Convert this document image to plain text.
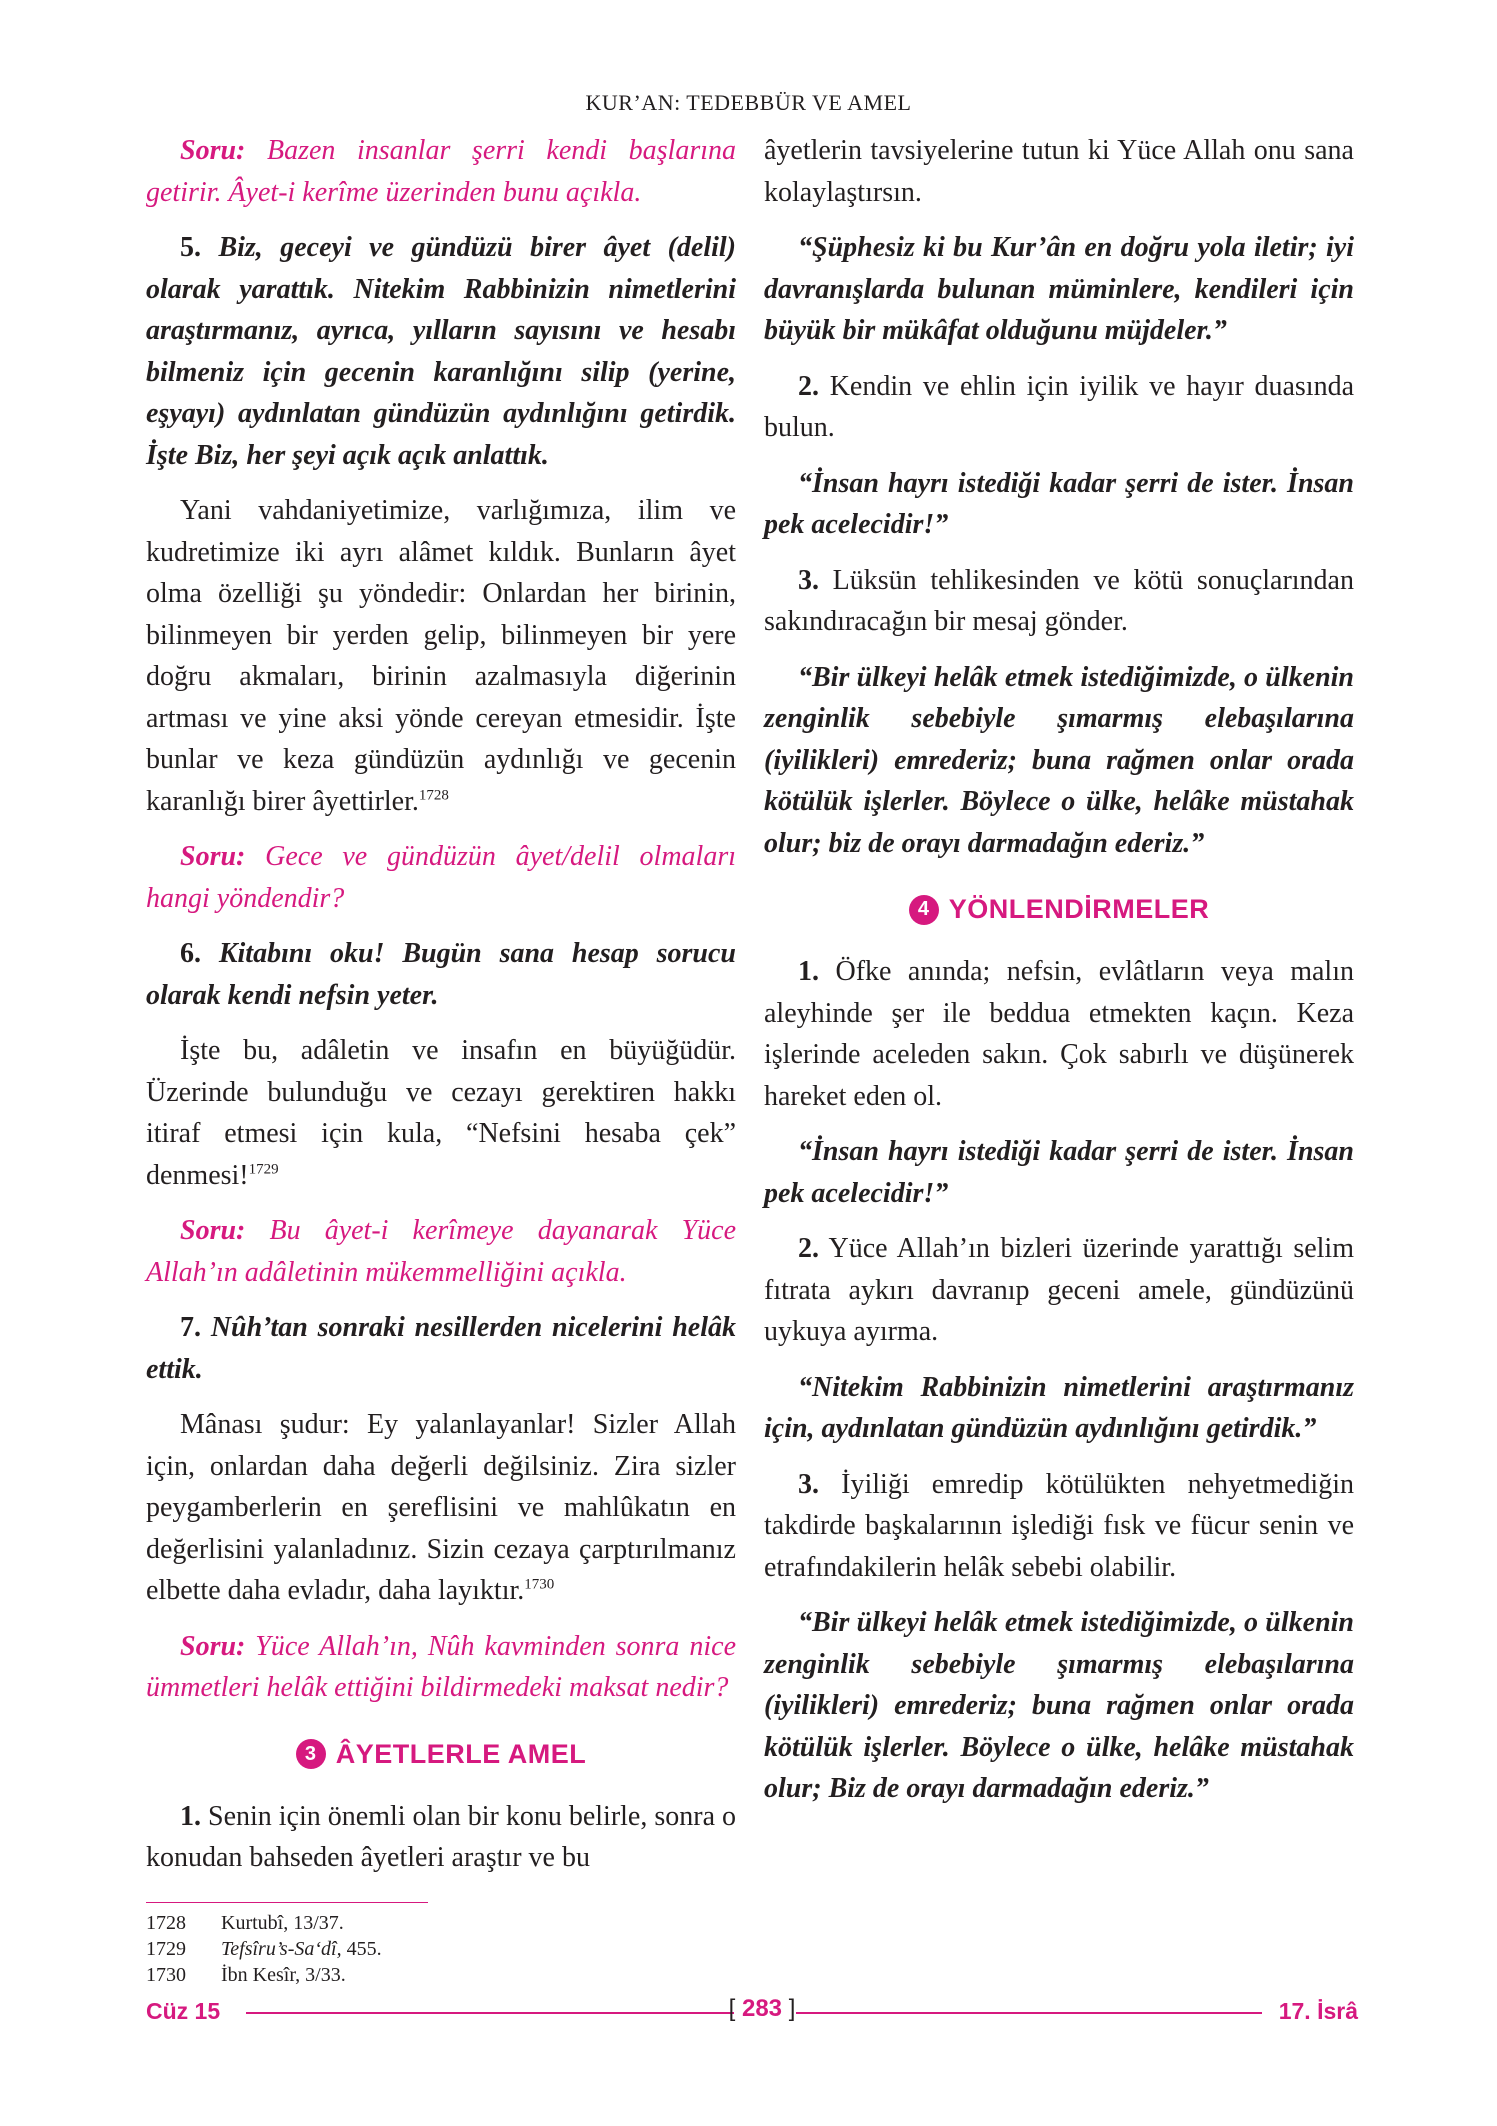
KUR’AN: TEDEBBÜR VE AMEL

Soru: Bazen insanlar şerri kendi başlarına getirir. Âyet-i kerîme üzerinden bunu açıkla.

5. Biz, geceyi ve gündüzü birer âyet (delil) olarak yarattık. Nitekim Rabbinizin nimetlerini araştırmanız, ayrıca, yılların sayısını ve hesabı bilmeniz için gecenin karanlığını silip (yerine, eşyayı) aydınlatan gündüzün aydınlığını getirdik. İşte Biz, her şeyi açık açık anlattık.

Yani vahdaniyetimize, varlığımıza, ilim ve kudretimize iki ayrı alâmet kıldık. Bunların âyet olma özelliği şu yöndedir: Onlardan her birinin, bilinmeyen bir yerden gelip, bilinmeyen bir yere doğru akmaları, birinin azalmasıyla diğerinin artması ve yine aksi yönde cereyan etmesidir. İşte bunlar ve keza gündüzün aydınlığı ve gecenin karanlığı birer âyettirler.$^{1728}$

Soru: Gece ve gündüzün âyet/delil olmaları hangi yöndendir?

6. Kitabını oku! Bugün sana hesap sorucu olarak kendi nefsin yeter.

İşte bu, adâletin ve insafın en büyüğüdür. Üzerinde bulunduğu ve cezayı gerektiren hakkı itiraf etmesi için kula, “Nefsini hesaba çek” denmesi!$^{1729}$

Soru: Bu âyet-i kerîmeye dayanarak Yüce Allah’ın adâletinin mükemmelliğini açıkla.

7. Nûh’tan sonraki nesillerden nicelerini helâk ettik.

Mânası şudur: Ey yalanlayanlar! Sizler Allah için, onlardan daha değerli değilsiniz. Zira sizler peygamberlerin en şereflisini ve mahlûkatın en değerlisini yalanladınız. Sizin cezaya çarptırılmanız elbette daha evladır, daha layıktır.$^{1730}$

Soru: Yüce Allah’ın, Nûh kavminden sonra nice ümmetleri helâk ettiğini bildirmedeki maksat nedir?

3 ÂYETLERLE AMEL

1. Senin için önemli olan bir konu belirle, sonra o konudan bahseden âyetleri araştır ve bu

âyetlerin tavsiyelerine tutun ki Yüce Allah onu sana kolaylaştırsın.

“Şüphesiz ki bu Kur’ân en doğru yola iletir; iyi davranışlarda bulunan müminlere, kendileri için büyük bir mükâfat olduğunu müjdeler.”

2. Kendin ve ehlin için iyilik ve hayır duasında bulun.

“İnsan hayrı istediği kadar şerri de ister. İnsan pek acelecidir!”

3. Lüksün tehlikesinden ve kötü sonuçlarından sakındıracağın bir mesaj gönder.

“Bir ülkeyi helâk etmek istediğimizde, o ülkenin zenginlik sebebiyle şımarmış elebaşılarına (iyilikleri) emrederiz; buna rağmen onlar orada kötülük işlerler. Böylece o ülke, helâke müstahak olur; biz de orayı darmadağın ederiz.”

4 YÖNLENDİRMELER

1. Öfke anında; nefsin, evlâtların veya malın aleyhinde şer ile beddua etmekten kaçın. Keza işlerinde aceleden sakın. Çok sabırlı ve düşünerek hareket eden ol.

“İnsan hayrı istediği kadar şerri de ister. İnsan pek acelecidir!”

2. Yüce Allah’ın bizleri üzerinde yarattığı selim fıtrata aykırı davranıp geceni amele, gündüzünü uykuya ayırma.

“Nitekim Rabbinizin nimetlerini araştırmanız için, aydınlatan gündüzün aydınlığını getirdik.”

3. İyiliği emredip kötülükten nehyetmediğin takdirde başkalarının işlediği fısk ve fücur senin ve etrafındakilerin helâk sebebi olabilir.

“Bir ülkeyi helâk etmek istediğimizde, o ülkenin zenginlik sebebiyle şımarmış elebaşılarına (iyilikleri) emrederiz; buna rağmen onlar orada kötülük işlerler. Böylece o ülke, helâke müstahak olur; Biz de orayı darmadağın ederiz.”

1728	Kurtubî, 13/37.
1729	Tefsîru’s-Sa‘dî, 455.
1730	İbn Kesîr, 3/33.
Cüz 15	[ 283 ]	17. İsrâ
